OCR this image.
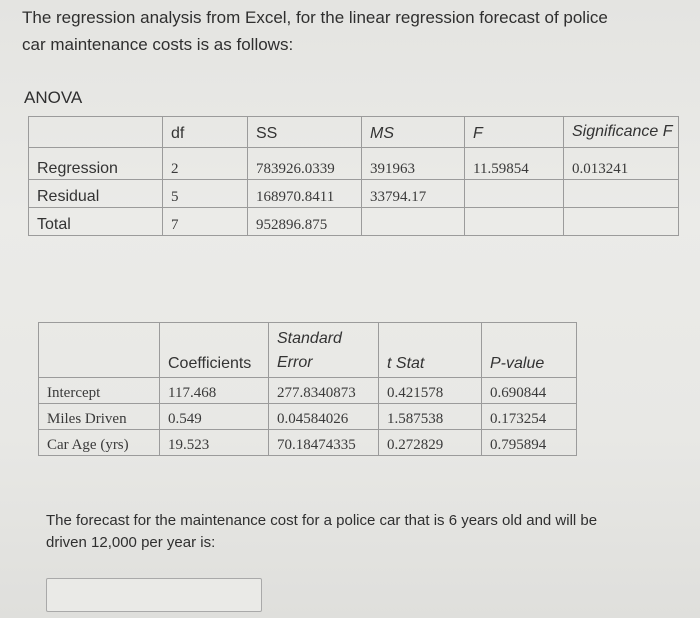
The regression analysis from Excel, for the linear regression forecast of police car maintenance costs is as follows:
ANOVA
	df	SS	MS	F	Significance F
Regression	2	783926.0339	391963	11.59854	0.013241
Residual	5	168970.8411	33794.17		
Total	7	952896.875			
	Coefficients	Standard Error	t Stat	P-value
Intercept	117.468	277.8340873	0.421578	0.690844
Miles Driven	0.549	0.04584026	1.587538	0.173254
Car Age (yrs)	19.523	70.18474335	0.272829	0.795894
The forecast for the maintenance cost for a police car that is 6 years old and will be driven 12,000 per year is:
